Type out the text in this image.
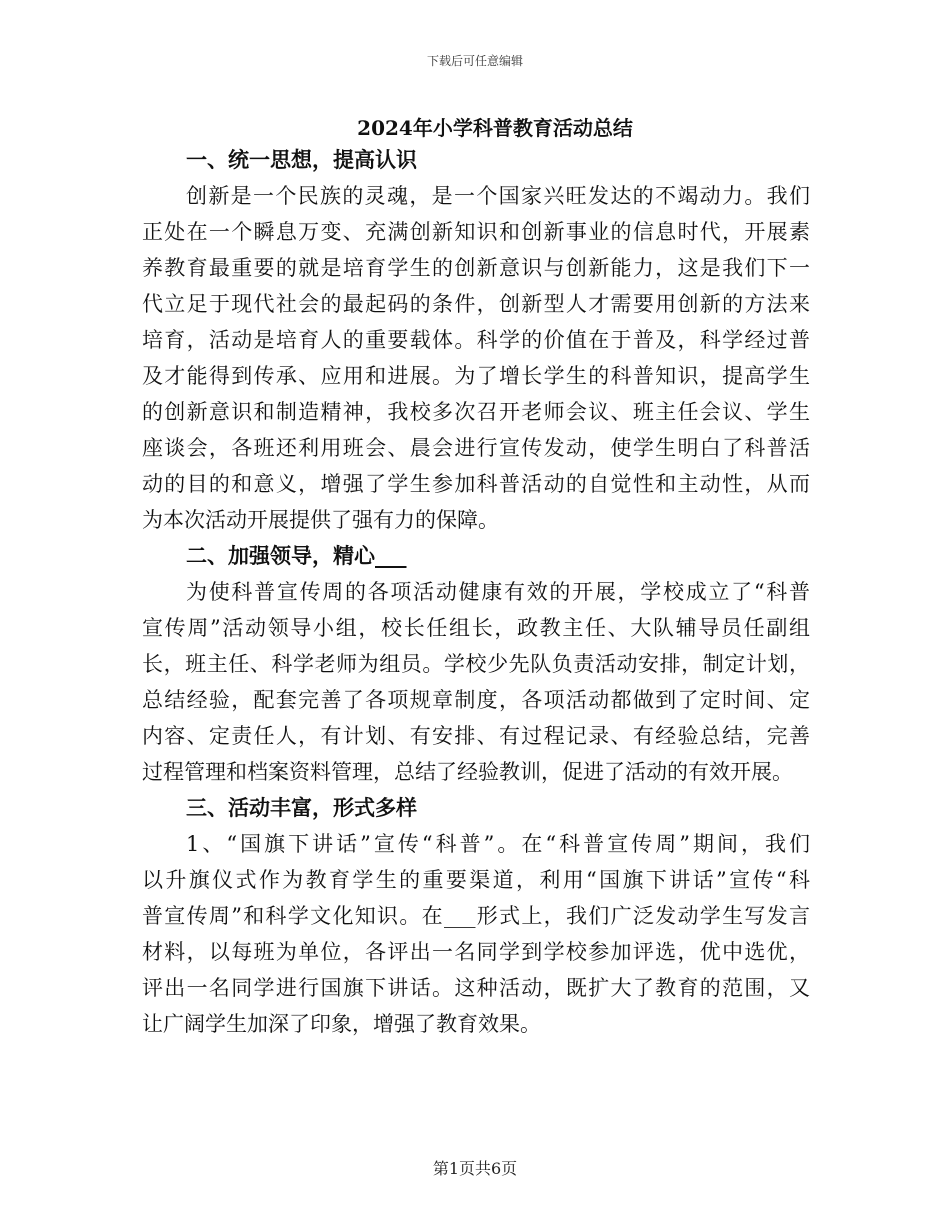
下载后可任意编辑
2024年小学科普教育活动总结
一、统一思想，提高认识
创新是一个民族的灵魂，是一个国家兴旺发达的不竭动力。我们
正处在一个瞬息万变、充满创新知识和创新事业的信息时代，开展素
养教育最重要的就是培育学生的创新意识与创新能力，这是我们下一
代立足于现代社会的最起码的条件，创新型人才需要用创新的方法来
培育，活动是培育人的重要载体。科学的价值在于普及，科学经过普
及才能得到传承、应用和进展。为了增长学生的科普知识，提高学生
的创新意识和制造精神，我校多次召开老师会议、班主任会议、学生
座谈会，各班还利用班会、晨会进行宣传发动，使学生明白了科普活
动的目的和意义，增强了学生参加科普活动的自觉性和主动性，从而
为本次活动开展提供了强有力的保障。
二、加强领导，精心___
为使科普宣传周的各项活动健康有效的开展，学校成立了“科普
宣传周”活动领导小组，校长任组长，政教主任、大队辅导员任副组
长，班主任、科学老师为组员。学校少先队负责活动安排，制定计划，
总结经验，配套完善了各项规章制度，各项活动都做到了定时间、定
内容、定责任人，有计划、有安排、有过程记录、有经验总结，完善
过程管理和档案资料管理，总结了经验教训，促进了活动的有效开展。
三、活动丰富，形式多样
1、“国旗下讲话”宣传“科普”。在“科普宣传周”期间，我们
以升旗仪式作为教育学生的重要渠道，利用“国旗下讲话”宣传“科
普宣传周”和科学文化知识。在___形式上，我们广泛发动学生写发言
材料，以每班为单位，各评出一名同学到学校参加评选，优中选优，
评出一名同学进行国旗下讲话。这种活动，既扩大了教育的范围，又
让广阔学生加深了印象，增强了教育效果。
第1页共6页
